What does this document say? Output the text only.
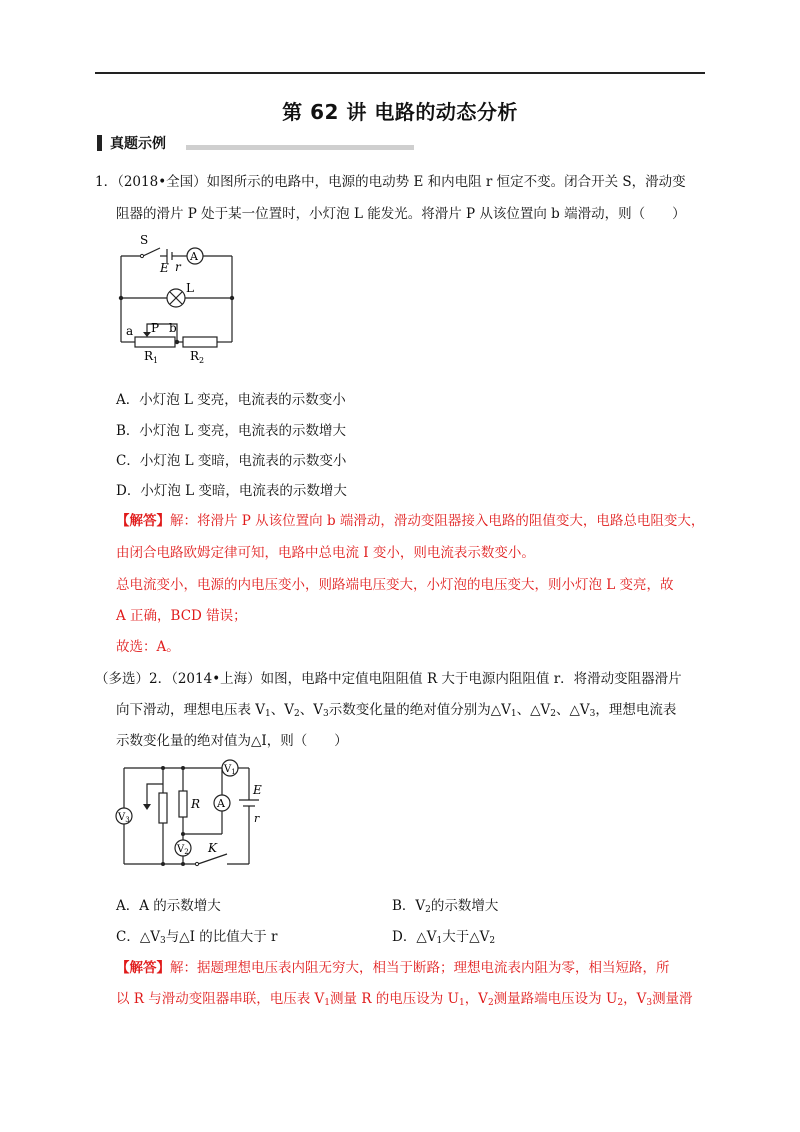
第 62 讲 电路的动态分析
真题示例
1．（2018•全国）如图所示的电路中，电源的电动势 E 和内电阻 r 恒定不变。闭合开关 S，滑动变
阻器的滑片 P 处于某一位置时，小灯泡 L 能发光。将滑片 P 从该位置向 b 端滑动，则（　　）
S
E r
A
L
a P b
$R_1$	$R_2$
A．小灯泡 L 变亮，电流表的示数变小
B．小灯泡 L 变亮，电流表的示数增大
C．小灯泡 L 变暗，电流表的示数变小
D．小灯泡 L 变暗，电流表的示数增大
【解答】解：将滑片 P 从该位置向 b 端滑动，滑动变阻器接入电路的阻值变大，电路总电阻变大，
由闭合电路欧姆定律可知，电路中总电流 I 变小，则电流表示数变小。
总电流变小，电源的内电压变小，则路端电压变大，小灯泡的电压变大，则小灯泡 L 变亮，故
A 正确，BCD 错误；
故选：A。
（多选）2．（2014•上海）如图，电路中定值电阻阻值 R 大于电源内阻阻值 r．将滑动变阻器滑片
向下滑动，理想电压表 $V_1$、$V_2$、$V_3$示数变化量的绝对值分别为$\triangle V_1$、$\triangle V_2$、$\triangle V_3$，理想电流表
示数变化量的绝对值为△I，则（　　）
$V_3$
$V_1$
$V_2$
R A
E
r
K
A．A 的示数增大	B．$V_2$的示数增大
C．$\triangle V_3$与△I 的比值大于 r	D．$\triangle V_1$大于$\triangle V_2$
【解答】解：据题理想电压表内阻无穷大，相当于断路；理想电流表内阻为零，相当短路，所
以 R 与滑动变阻器串联，电压表 $V_1$测量 R 的电压设为 $U_1$，$V_2$测量路端电压设为 $U_2$，$V_3$测量滑
